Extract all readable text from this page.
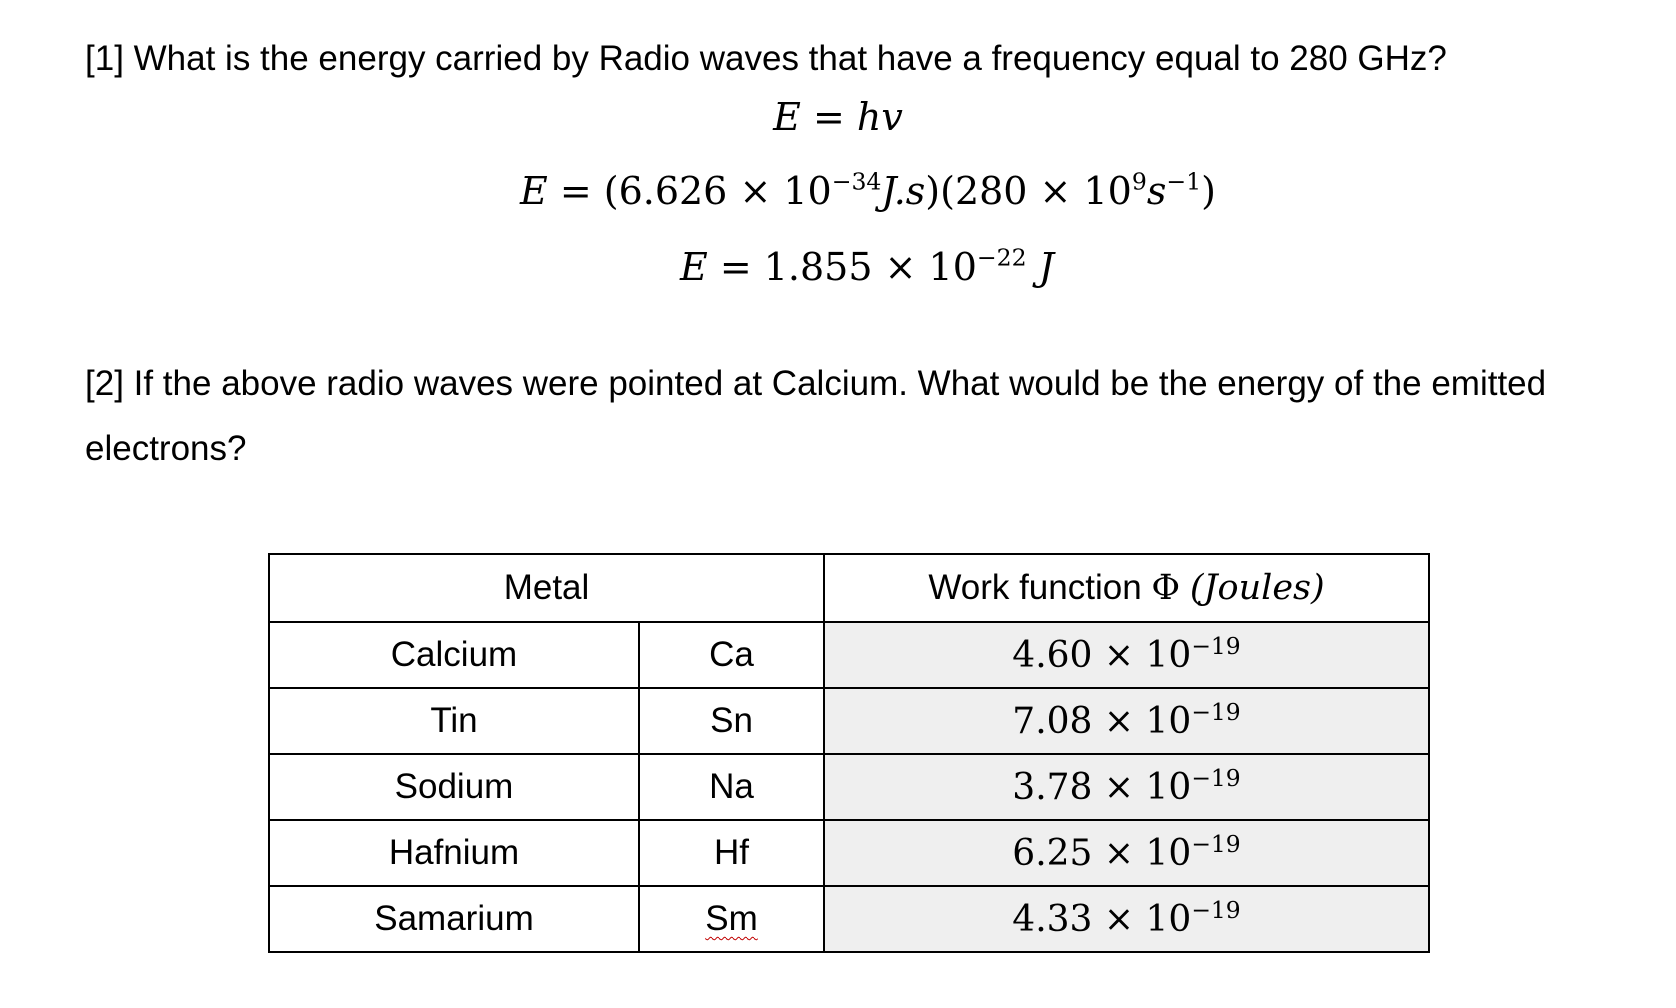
[1] What is the energy carried by Radio waves that have a frequency equal to 280 GHz?
E = hv
$E = (6.626 \times 10^{-34}J.s)(280 \times 10^9s^{-1})$
$E = 1.855 \times 10^{-22}$ J
[2] If the above radio waves were pointed at Calcium. What would be the energy of the emitted
electrons?
Metal		Work function Φ (Joules)
Calcium	Ca	$4.60 \times 10^{-19}$
Tin	Sn	$7.08 \times 10^{-19}$
Sodium	Na	$3.78 \times 10^{-19}$
Hafnium	Hf	$6.25 \times 10^{-19}$
Samarium	Sm	$4.33 \times 10^{-19}$
